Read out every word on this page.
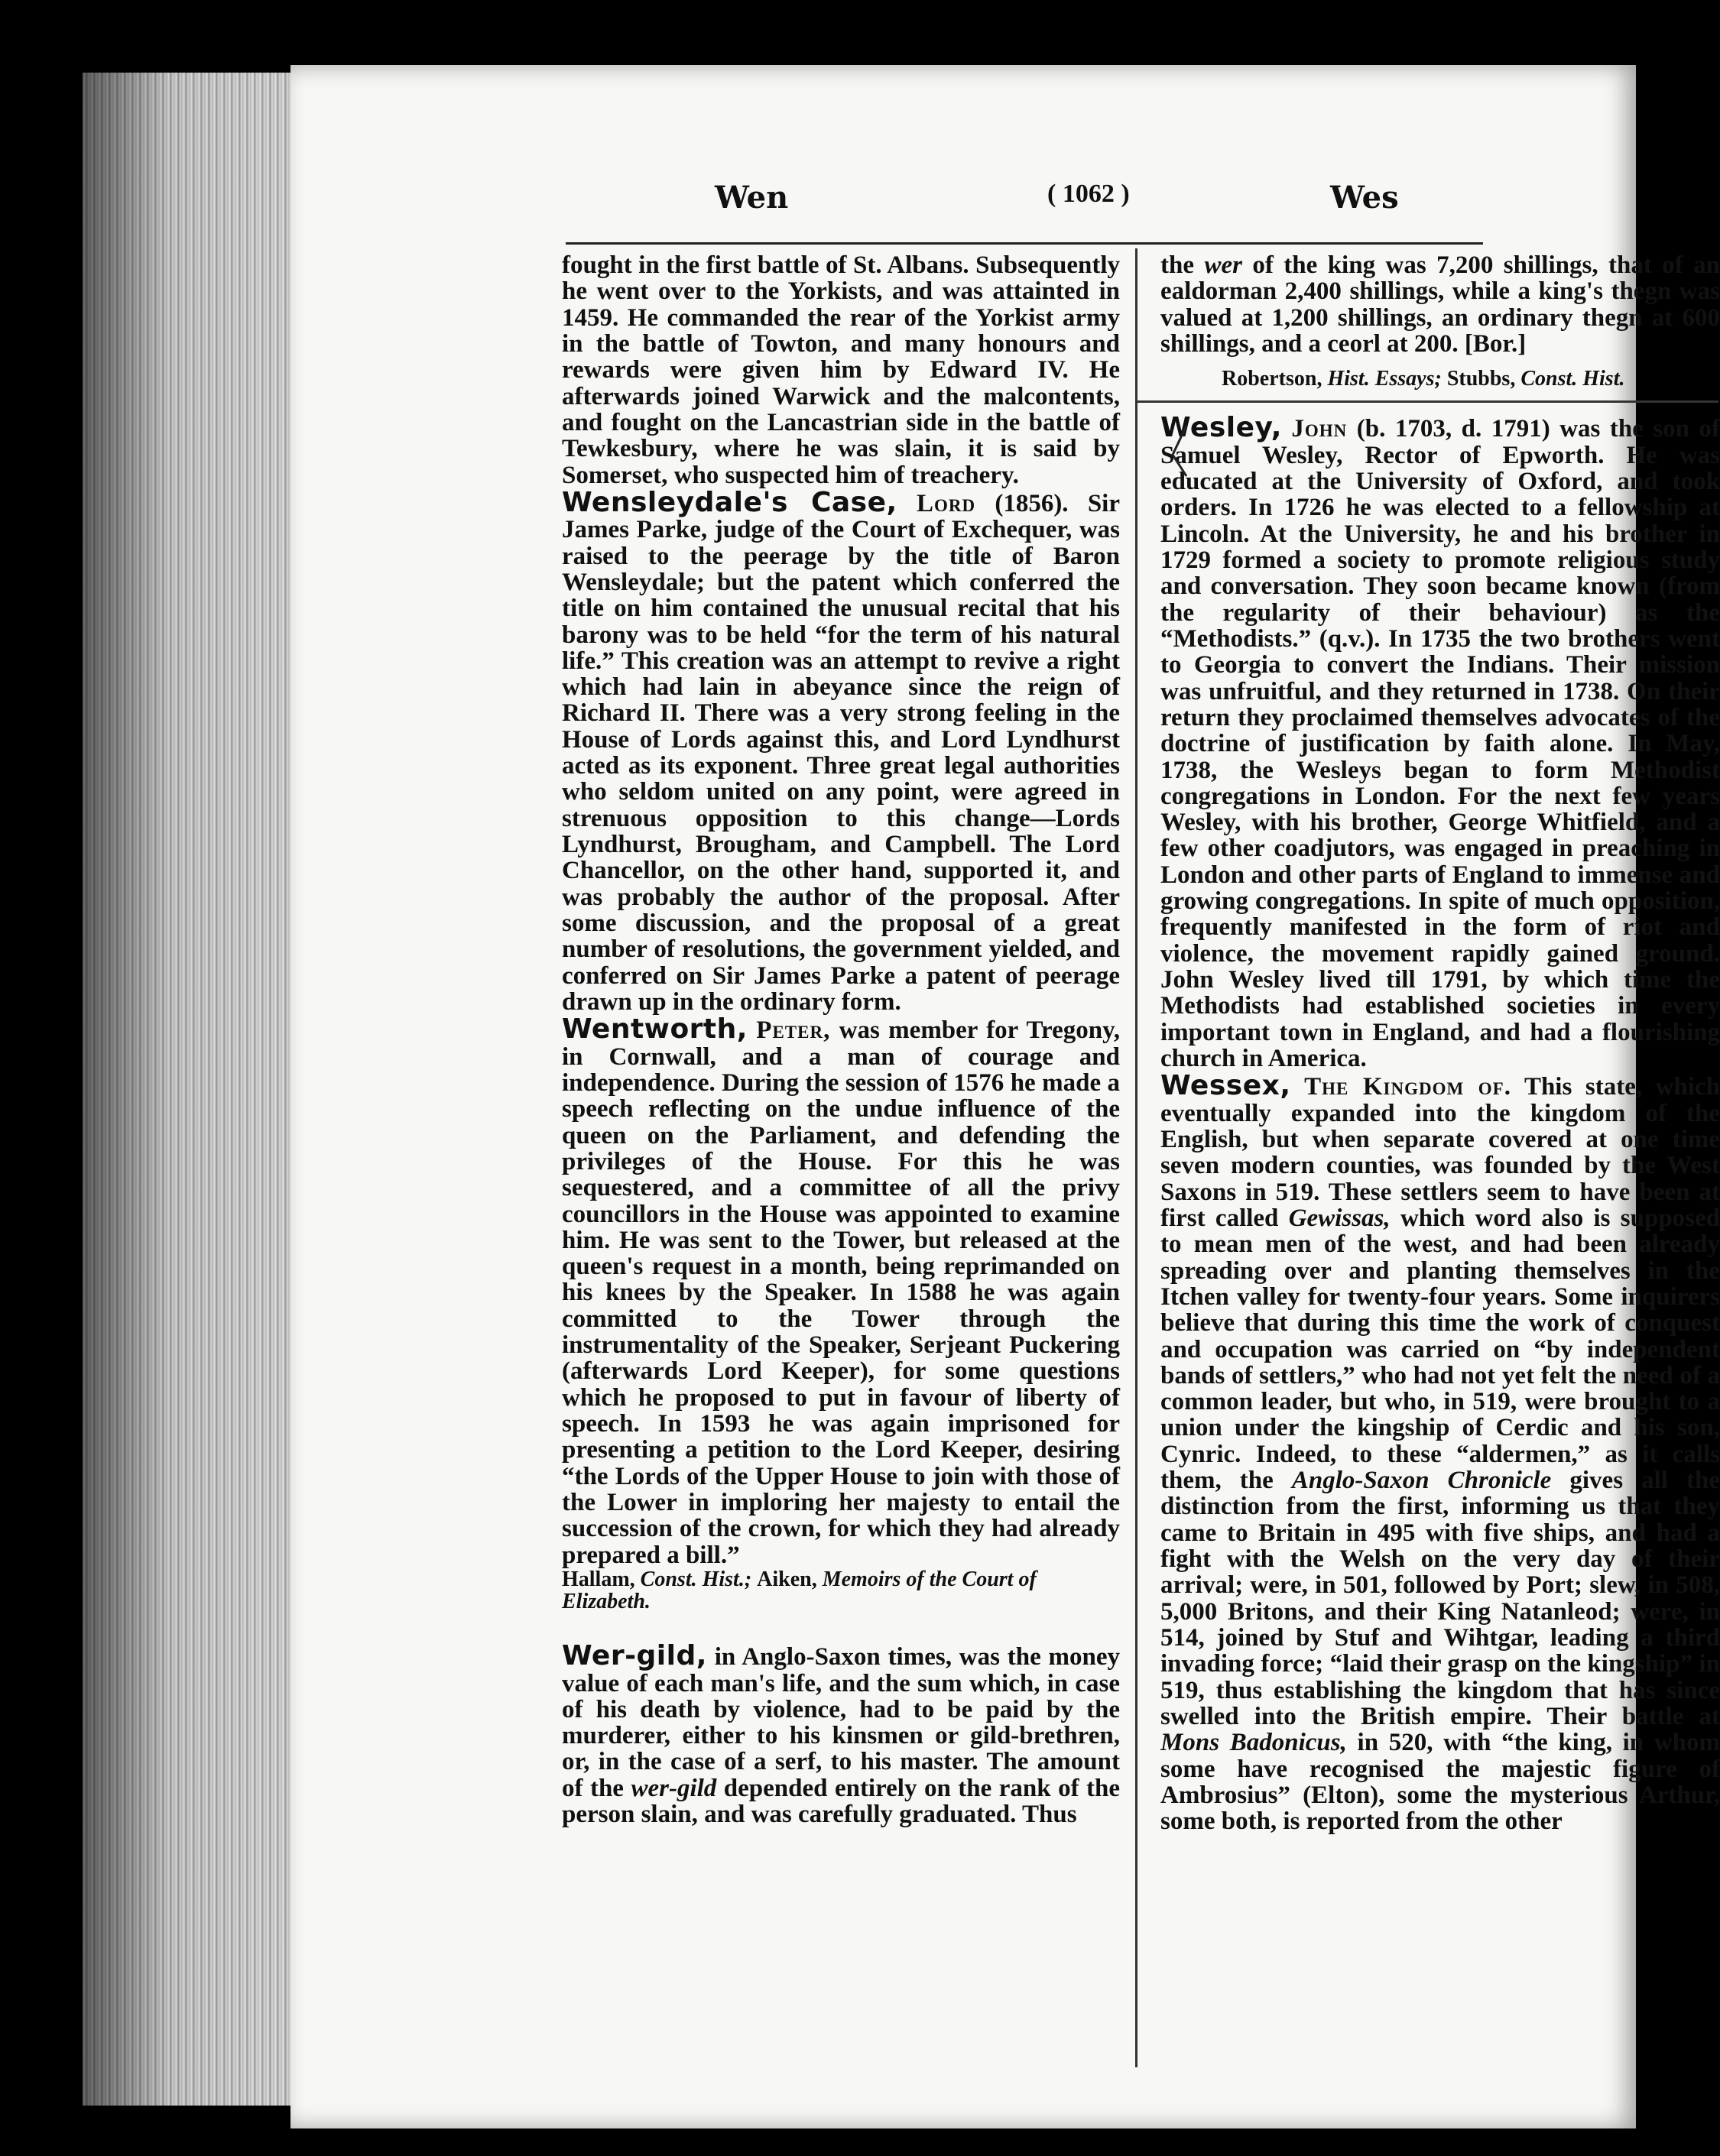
Wen	( 1062 )	Wes

fought in the first battle of St. Albans. Subsequently he went over to the Yorkists, and was attainted in 1459. He commanded the rear of the Yorkist army in the battle of Towton, and many honours and rewards were given him by Edward IV. He afterwards joined Warwick and the malcontents, and fought on the Lancastrian side in the battle of Tewkesbury, where he was slain, it is said by Somerset, who suspected him of treachery.

Wensleydale's Case, Lord (1856). Sir James Parke, judge of the Court of Exchequer, was raised to the peerage by the title of Baron Wensleydale; but the patent which conferred the title on him contained the unusual recital that his barony was to be held “for the term of his natural life.” This creation was an attempt to revive a right which had lain in abeyance since the reign of Richard II. There was a very strong feeling in the House of Lords against this, and Lord Lyndhurst acted as its exponent. Three great legal authorities who seldom united on any point, were agreed in strenuous opposition to this change—Lords Lyndhurst, Brougham, and Campbell. The Lord Chancellor, on the other hand, supported it, and was probably the author of the proposal. After some discussion, and the proposal of a great number of resolutions, the government yielded, and conferred on Sir James Parke a patent of peerage drawn up in the ordinary form.

Wentworth, Peter, was member for Tregony, in Cornwall, and a man of courage and independence. During the session of 1576 he made a speech reflecting on the undue influence of the queen on the Parliament, and defending the privileges of the House. For this he was sequestered, and a committee of all the privy councillors in the House was appointed to examine him. He was sent to the Tower, but released at the queen's request in a month, being reprimanded on his knees by the Speaker. In 1588 he was again committed to the Tower through the instrumentality of the Speaker, Serjeant Puckering (afterwards Lord Keeper), for some questions which he proposed to put in favour of liberty of speech. In 1593 he was again imprisoned for presenting a petition to the Lord Keeper, desiring “the Lords of the Upper House to join with those of the Lower in imploring her majesty to entail the succession of the crown, for which they had already prepared a bill.”

Hallam, Const. Hist.; Aiken, Memoirs of the Court of Elizabeth.

Wer-gild, in Anglo-Saxon times, was the money value of each man's life, and the sum which, in case of his death by violence, had to be paid by the murderer, either to his kinsmen or gild-brethren, or, in the case of a serf, to his master. The amount of the wer-gild depended entirely on the rank of the person slain, and was carefully graduated. Thus

the wer of the king was 7,200 shillings, that of an ealdorman 2,400 shillings, while a king's thegn was valued at 1,200 shillings, an ordinary thegn at 600 shillings, and a ceorl at 200. [Bor.]

Robertson, Hist. Essays; Stubbs, Const. Hist.

Wesley, John (b. 1703, d. 1791) was the son of Samuel Wesley, Rector of Epworth. He was educated at the University of Oxford, and took orders. In 1726 he was elected to a fellowship at Lincoln. At the University, he and his brother in 1729 formed a society to promote religious study and conversation. They soon became known (from the regularity of their behaviour) as the “Methodists.” (q.v.). In 1735 the two brothers went to Georgia to convert the Indians. Their mission was unfruitful, and they returned in 1738. On their return they proclaimed themselves advocates of the doctrine of justification by faith alone. In May, 1738, the Wesleys began to form Methodist congregations in London. For the next few years Wesley, with his brother, George Whitfield, and a few other coadjutors, was engaged in preaching in London and other parts of England to immense and growing congregations. In spite of much opposition, frequently manifested in the form of riot and violence, the movement rapidly gained ground. John Wesley lived till 1791, by which time the Methodists had established societies in every important town in England, and had a flourishing church in America.

Wessex, The Kingdom of. This state, which eventually expanded into the kingdom of the English, but when separate covered at one time seven modern counties, was founded by the West Saxons in 519. These settlers seem to have been at first called Gewissas, which word also is supposed to mean men of the west, and had been already spreading over and planting themselves in the Itchen valley for twenty-four years. Some inquirers believe that during this time the work of conquest and occupation was carried on “by independent bands of settlers,” who had not yet felt the need of a common leader, but who, in 519, were brought to a union under the kingship of Cerdic and his son, Cynric. Indeed, to these “aldermen,” as it calls them, the Anglo-Saxon Chronicle gives all the distinction from the first, informing us that they came to Britain in 495 with five ships, and had a fight with the Welsh on the very day of their arrival; were, in 501, followed by Port; slew, in 508, 5,000 Britons, and their King Natanleod; were, in 514, joined by Stuf and Wihtgar, leading a third invading force; “laid their grasp on the kingship” in 519, thus establishing the kingdom that has since swelled into the British empire. Their battle at Mons Badonicus, in 520, with “the king, in whom some have recognised the majestic figure of Ambrosius” (Elton), some the mysterious Arthur, some both, is reported from the other
